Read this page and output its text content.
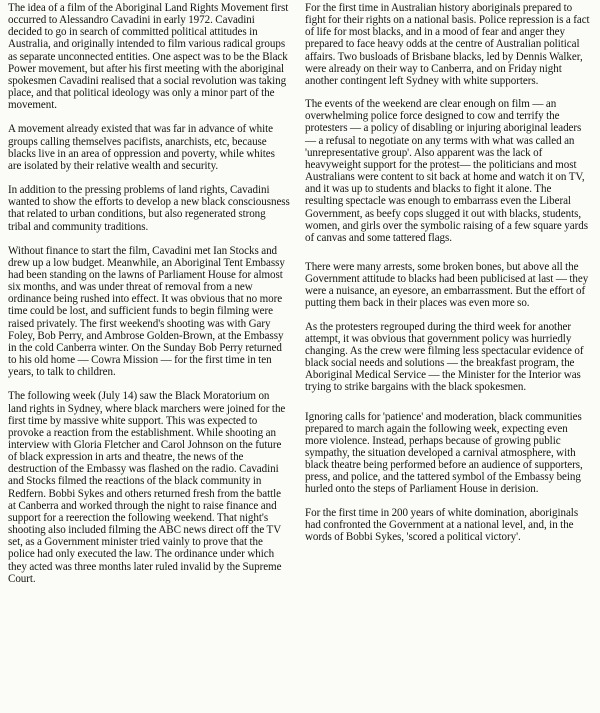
The idea of a film of the Aboriginal Land Rights Movement first occurred to Alessandro Cavadini in early 1972. Cavadini decided to go in search of committed political attitudes in Australia, and originally intended to film various radical groups as separate unconnected entities. One aspect was to be the Black Power movement, but after his first meeting with the aboriginal spokesmen Cavadini realised that a social revolution was taking place, and that political ideology was only a minor part of the movement.

A movement already existed that was far in advance of white groups calling themselves pacifists, anarchists, etc, because blacks live in an area of oppression and poverty, while whites are isolated by their relative wealth and security.

In addition to the pressing problems of land rights, Cavadini wanted to show the efforts to develop a new black consciousness that related to urban conditions, but also regenerated strong tribal and community traditions.

Without finance to start the film, Cavadini met Ian Stocks and drew up a low budget. Meanwhile, an Aboriginal Tent Embassy had been standing on the lawns of Parliament House for almost six months, and was under threat of removal from a new ordinance being rushed into effect. It was obvious that no more time could be lost, and sufficient funds to begin filming were raised privately. The first weekend's shooting was with Gary Foley, Bob Perry, and Ambrose Golden-Brown, at the Embassy in the cold Canberra winter. On the Sunday Bob Perry returned to his old home — Cowra Mission — for the first time in ten years, to talk to children.

The following week (July 14) saw the Black Moratorium on land rights in Sydney, where black marchers were joined for the first time by massive white support. This was expected to provoke a reaction from the establishment. While shooting an interview with Gloria Fletcher and Carol Johnson on the future of black expression in arts and theatre, the news of the destruction of the Embassy was flashed on the radio. Cavadini and Stocks filmed the reactions of the black community in Redfern. Bobbi Sykes and others returned fresh from the battle at Canberra and worked through the night to raise finance and support for a reerection the following weekend. That night's shooting also included filming the ABC news direct off the TV set, as a Government minister tried vainly to prove that the police had only executed the law. The ordinance under which they acted was three months later ruled invalid by the Supreme Court.

For the first time in Australian history aboriginals prepared to fight for their rights on a national basis. Police repression is a fact of life for most blacks, and in a mood of fear and anger they prepared to face heavy odds at the centre of Australian political affairs. Two busloads of Brisbane blacks, led by Dennis Walker, were already on their way to Canberra, and on Friday night another contingent left Sydney with white supporters.

The events of the weekend are clear enough on film — an overwhelming police force designed to cow and terrify the protesters — a policy of disabling or injuring aboriginal leaders — a refusal to negotiate on any terms with what was called an 'unrepresentative group'. Also apparent was the lack of heavyweight support for the protest— the politicians and most Australians were content to sit back at home and watch it on TV, and it was up to students and blacks to fight it alone. The resulting spectacle was enough to embarrass even the Liberal Government, as beefy cops slugged it out with blacks, students, women, and girls over the symbolic raising of a few square yards of canvas and some tattered flags.

There were many arrests, some broken bones, but above all the Government attitude to blacks had been publicised at last — they were a nuisance, an eyesore, an embarrassment. But the effort of putting them back in their places was even more so.

As the protesters regrouped during the third week for another attempt, it was obvious that government policy was hurriedly changing. As the crew were filming less spectacular evidence of black social needs and solutions — the breakfast program, the Aboriginal Medical Service — the Minister for the Interior was trying to strike bargains with the black spokesmen.

Ignoring calls for 'patience' and moderation, black communities prepared to march again the following week, expecting even more violence. Instead, perhaps because of growing public sympathy, the situation developed a carnival atmosphere, with black theatre being performed before an audience of supporters, press, and police, and the tattered symbol of the Embassy being hurled onto the steps of Parliament House in derision.

For the first time in 200 years of white domination, aboriginals had confronted the Government at a national level, and, in the words of Bobbi Sykes, 'scored a political victory'.
